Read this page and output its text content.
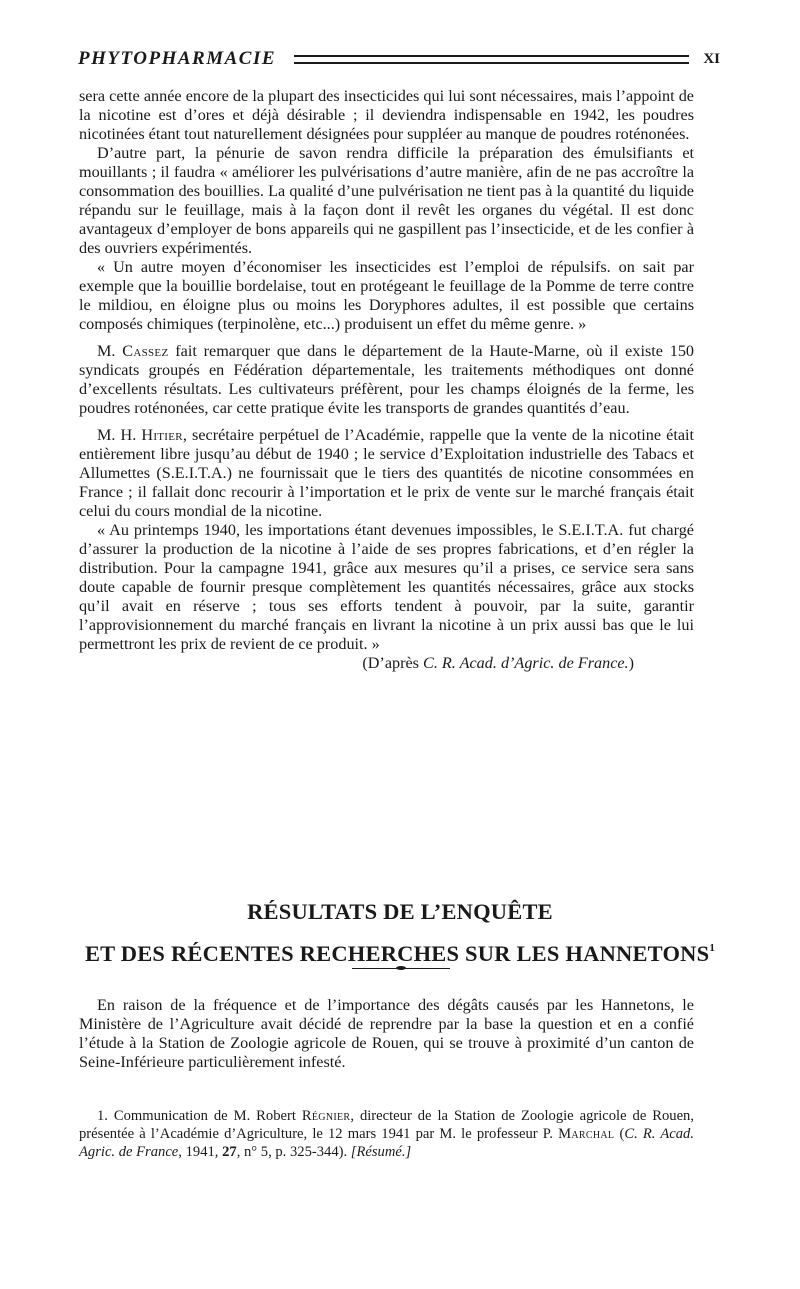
PHYTOPHARMACIE	XI

sera cette année encore de la plupart des insecticides qui lui sont nécessaires, mais l’appoint de la nicotine est d’ores et déjà désirable ; il deviendra indispensable en 1942, les poudres nicotinées étant tout naturellement désignées pour suppléer au manque de poudres roténonées.

D’autre part, la pénurie de savon rendra difficile la préparation des émulsifiants et mouillants ; il faudra « améliorer les pulvérisations d’autre manière, afin de ne pas accroître la consommation des bouillies. La qualité d’une pulvérisation ne tient pas à la quantité du liquide répandu sur le feuillage, mais à la façon dont il revêt les organes du végétal. Il est donc avantageux d’employer de bons appareils qui ne gaspillent pas l’insecticide, et de les confier à des ouvriers expérimentés.

« Un autre moyen d’économiser les insecticides est l’emploi de répulsifs. on sait par exemple que la bouillie bordelaise, tout en protégeant le feuillage de la Pomme de terre contre le mildiou, en éloigne plus ou moins les Doryphores adultes, il est possible que certains composés chimiques (terpinolène, etc...) produisent un effet du même genre. »

M. Cassez fait remarquer que dans le département de la Haute-Marne, où il existe 150 syndicats groupés en Fédération départementale, les traitements méthodiques ont donné d’excellents résultats. Les cultivateurs préfèrent, pour les champs éloignés de la ferme, les poudres roténonées, car cette pratique évite les transports de grandes quantités d’eau.

M. H. Hitier, secrétaire perpétuel de l’Académie, rappelle que la vente de la nicotine était entièrement libre jusqu’au début de 1940 ; le service d’Exploitation industrielle des Tabacs et Allumettes (S.E.I.T.A.) ne fournissait que le tiers des quantités de nicotine consommées en France ; il fallait donc recourir à l’importation et le prix de vente sur le marché français était celui du cours mondial de la nicotine.

« Au printemps 1940, les importations étant devenues impossibles, le S.E.I.T.A. fut chargé d’assurer la production de la nicotine à l’aide de ses propres fabrications, et d’en régler la distribution. Pour la campagne 1941, grâce aux mesures qu’il a prises, ce service sera sans doute capable de fournir presque complètement les quantités nécessaires, grâce aux stocks qu’il avait en réserve ; tous ses efforts tendent à pouvoir, par la suite, garantir l’approvisionnement du marché français en livrant la nicotine à un prix aussi bas que le lui permettront les prix de revient de ce produit. »

(D’après C. R. Acad. d’Agric. de France.)

RÉSULTATS DE L’ENQUÊTE
ET DES RÉCENTES RECHERCHES SUR LES HANNETONS$^1$

En raison de la fréquence et de l’importance des dégâts causés par les Hannetons, le Ministère de l’Agriculture avait décidé de reprendre par la base la question et en a confié l’étude à la Station de Zoologie agricole de Rouen, qui se trouve à proximité d’un canton de Seine-Inférieure particulièrement infesté.

1. Communication de M. Robert Régnier, directeur de la Station de Zoologie agricole de Rouen, présentée à l’Académie d’Agriculture, le 12 mars 1941 par M. le professeur P. Marchal (C. R. Acad. Agric. de France, 1941, 27, n° 5, p. 325-344). [Résumé.]
